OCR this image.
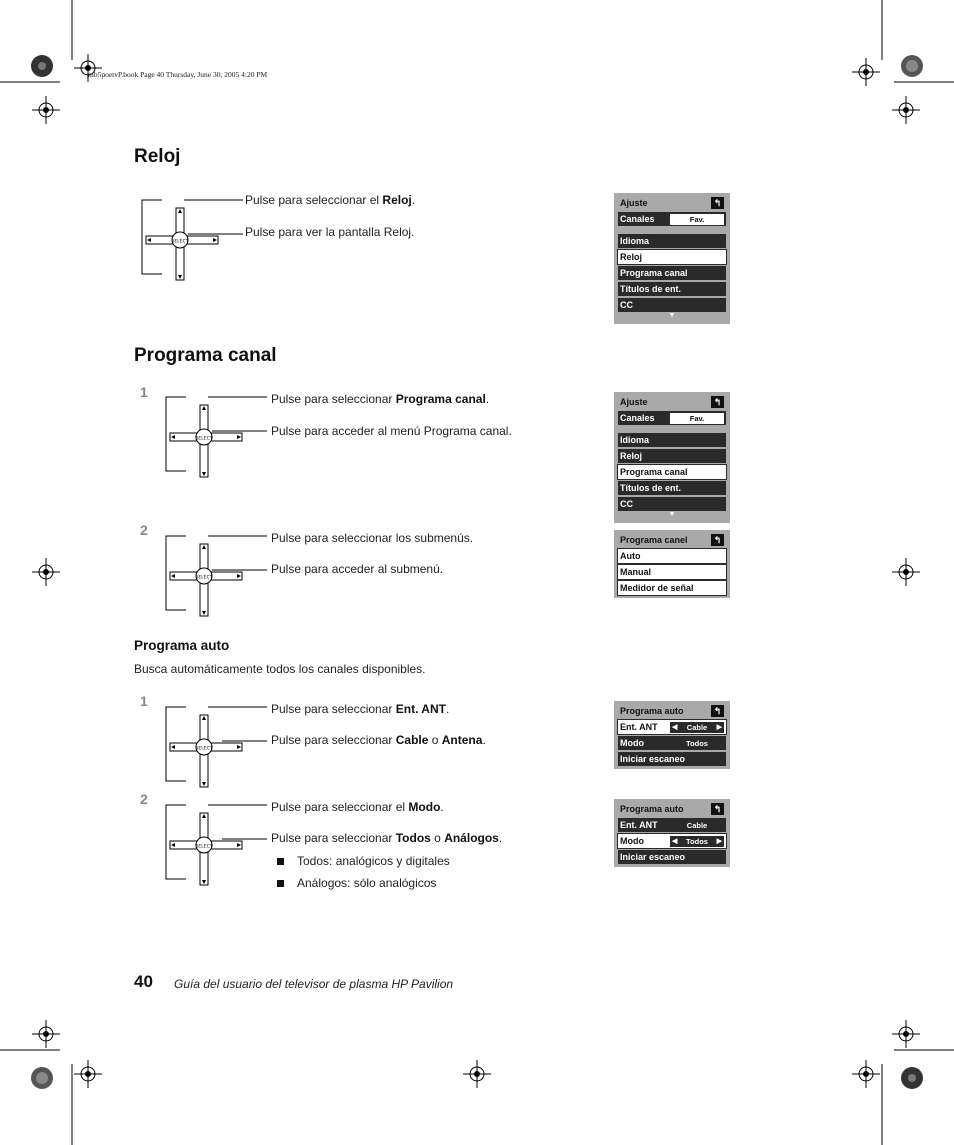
mb5poetvP.book Page 40 Thursday, June 30, 2005 4:20 PM
Reloj
SELECT
Pulse para seleccionar el Reloj.
Pulse para ver la pantalla Reloj.
Ajuste	↰
Canales	Fav.
Idioma
Reloj
Programa canal
Títulos de ent.
CC
▼
Programa canal
1
SELECT
Pulse para seleccionar Programa canal.
Pulse para acceder al menú Programa canal.
Ajuste	↰
Canales	Fav.
Idioma
Reloj
Programa canal
Títulos de ent.
CC
▼
2
SELECT
Pulse para seleccionar los submenús.
Pulse para acceder al submenú.
Programa canel	↰
Auto
Manual
Medidor de señal
Programa auto
Busca automáticamente todos los canales disponibles.
1
SELECT
Pulse para seleccionar Ent. ANT.
Pulse para seleccionar Cable o Antena.
Programa auto	↰
Ent. ANT ◀ Cable ▶
Modo	Todos
Iniciar escaneo
2
SELECT
Pulse para seleccionar el Modo.
Pulse para seleccionar Todos o Análogos.
Todos: analógicos y digitales
Análogos: sólo analógicos
Programa auto	↰
Ent. ANT	Cable
Modo	◀ Todos ▶
Iniciar escaneo
40 Guía del usuario del televisor de plasma HP Pavilion
